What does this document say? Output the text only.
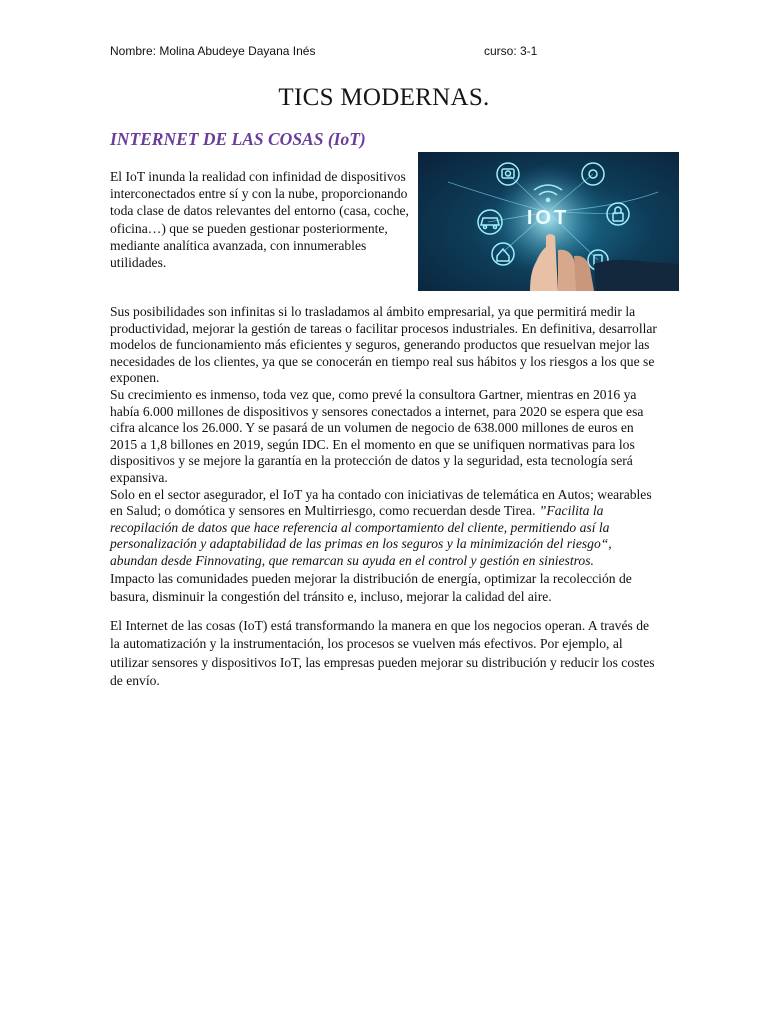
Nombre: Molina Abudeye Dayana Inés	curso: 3-1
TICS MODERNAS.
INTERNET DE LAS COSAS (IoT)

El IoT inunda la realidad con infinidad de dispositivos interconectados entre sí y con la nube, proporcionando toda clase de datos relevantes del entorno (casa, coche, oficina…) que se pueden gestionar posteriormente, mediante analítica avanzada, con innumerables utilidades.

IOT

Sus posibilidades son infinitas si lo trasladamos al ámbito empresarial, ya que permitirá medir la productividad, mejorar la gestión de tareas o facilitar procesos industriales. En definitiva, desarrollar modelos de funcionamiento más eficientes y seguros, generando productos que resuelvan mejor las necesidades de los clientes, ya que se conocerán en tiempo real sus hábitos y los riesgos a los que se exponen.

Su crecimiento es inmenso, toda vez que, como prevé la consultora Gartner, mientras en 2016 ya había 6.000 millones de dispositivos y sensores conectados a internet, para 2020 se espera que esa cifra alcance los 26.000. Y se pasará de un volumen de negocio de 638.000 millones de euros en 2015 a 1,8 billones en 2019, según IDC. En el momento en que se unifiquen normativas para los dispositivos y se mejore la garantía en la protección de datos y la seguridad, esta tecnología será expansiva.

Solo en el sector asegurador, el IoT ya ha contado con iniciativas de telemática en Autos; wearables en Salud; o domótica y sensores en Multirriesgo, como recuerdan desde Tirea. ”Facilita la recopilación de datos que hace referencia al comportamiento del cliente, permitiendo así la personalización y adaptabilidad de las primas en los seguros y la minimización del riesgo“, abundan desde Finnovating, que remarcan su ayuda en el control y gestión en siniestros.

Impacto las comunidades pueden mejorar la distribución de energía, optimizar la recolección de basura, disminuir la congestión del tránsito e, incluso, mejorar la calidad del aire.

El Internet de las cosas (IoT) está transformando la manera en que los negocios operan. A través de la automatización y la instrumentación, los procesos se vuelven más efectivos. Por ejemplo, al utilizar sensores y dispositivos IoT, las empresas pueden mejorar su distribución y reducir los costes de envío.
